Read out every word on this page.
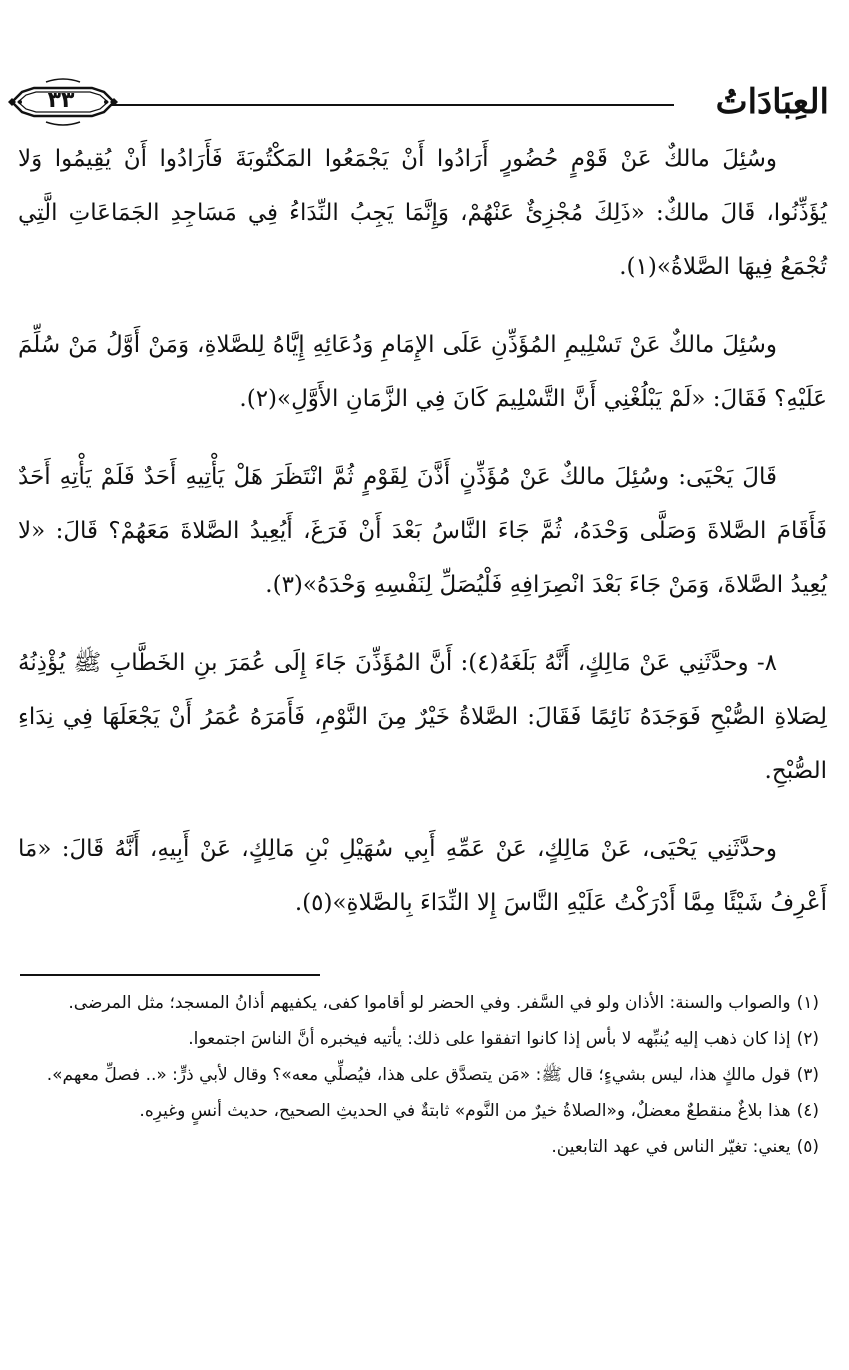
العِبَادَاتُ
٣٣

وسُئِلَ مالكٌ عَنْ قَوْمٍ حُضُورٍ أَرَادُوا أَنْ يَجْمَعُوا المَكْتُوبَةَ فَأَرَادُوا أَنْ يُقِيمُوا وَلا يُؤَذِّنُوا، قَالَ مالكٌ: «ذَلِكَ مُجْزِئٌ عَنْهُمْ، وَإِنَّمَا يَجِبُ النِّدَاءُ فِي مَسَاجِدِ الجَمَاعَاتِ الَّتِي تُجْمَعُ فِيهَا الصَّلاةُ»(١).

وسُئِلَ مالكٌ عَنْ تَسْلِيمِ المُؤَذِّنِ عَلَى الإِمَامِ وَدُعَائِهِ إِيَّاهُ لِلصَّلاةِ، وَمَنْ أَوَّلُ مَنْ سُلِّمَ عَلَيْهِ؟ فَقَالَ: «لَمْ يَبْلُغْنِي أَنَّ التَّسْلِيمَ كَانَ فِي الزَّمَانِ الأَوَّلِ»(٢).

قَالَ يَحْيَى: وسُئِلَ مالكٌ عَنْ مُؤَذِّنٍ أَذَّنَ لِقَوْمٍ ثُمَّ انْتَظَرَ هَلْ يَأْتِيهِ أَحَدٌ فَلَمْ يَأْتِهِ أَحَدٌ فَأَقَامَ الصَّلاةَ وَصَلَّى وَحْدَهُ، ثُمَّ جَاءَ النَّاسُ بَعْدَ أَنْ فَرَغَ، أَيُعِيدُ الصَّلاةَ مَعَهُمْ؟ قَالَ: «لا يُعِيدُ الصَّلاةَ، وَمَنْ جَاءَ بَعْدَ انْصِرَافِهِ فَلْيُصَلِّ لِنَفْسِهِ وَحْدَهُ»(٣).

٨- وحدَّثَنِي عَنْ مَالِكٍ، أَنَّهُ بَلَغَهُ(٤): أَنَّ المُؤَذِّنَ جَاءَ إِلَى عُمَرَ بنِ الخَطَّابِ ﷺ يُؤْذِنُهُ لِصَلاةِ الصُّبْحِ فَوَجَدَهُ نَائِمًا فَقَالَ: الصَّلاةُ خَيْرٌ مِنَ النَّوْمِ، فَأَمَرَهُ عُمَرُ أَنْ يَجْعَلَهَا فِي نِدَاءِ الصُّبْحِ.

وحدَّثَنِي يَحْيَى، عَنْ مَالِكٍ، عَنْ عَمِّهِ أَبِي سُهَيْلِ بْنِ مَالِكٍ، عَنْ أَبِيهِ، أَنَّهُ قَالَ: «مَا أَعْرِفُ شَيْئًا مِمَّا أَدْرَكْتُ عَلَيْهِ النَّاسَ إِلا النِّدَاءَ بِالصَّلاةِ»(٥).

(١)والصواب والسنة: الأذان ولو في السَّفر. وفي الحضر لو أقاموا كفى، يكفيهم أذانُ المسجد؛ مثل المرضى.

(٢)إذا كان ذهب إليه يُنبِّهه لا بأس إذا كانوا اتفقوا على ذلك: يأتيه فيخبره أنَّ الناسَ اجتمعوا.

(٣)قول مالكٍ هذا، ليس بشيءٍ؛ قال ﷺ: «مَن يتصدَّق على هذا، فيُصلِّي معه»؟ وقال لأبي ذرٍّ: «.. فصلِّ معهم».

(٤)هذا بلاغٌ منقطعٌ معضلٌ، و«الصلاةُ خيرٌ من النَّوم» ثابتةٌ في الحديثِ الصحيح، حديث أنسٍ وغيرِه.

(٥)يعني: تغيّر الناس في عهد التابعين.
